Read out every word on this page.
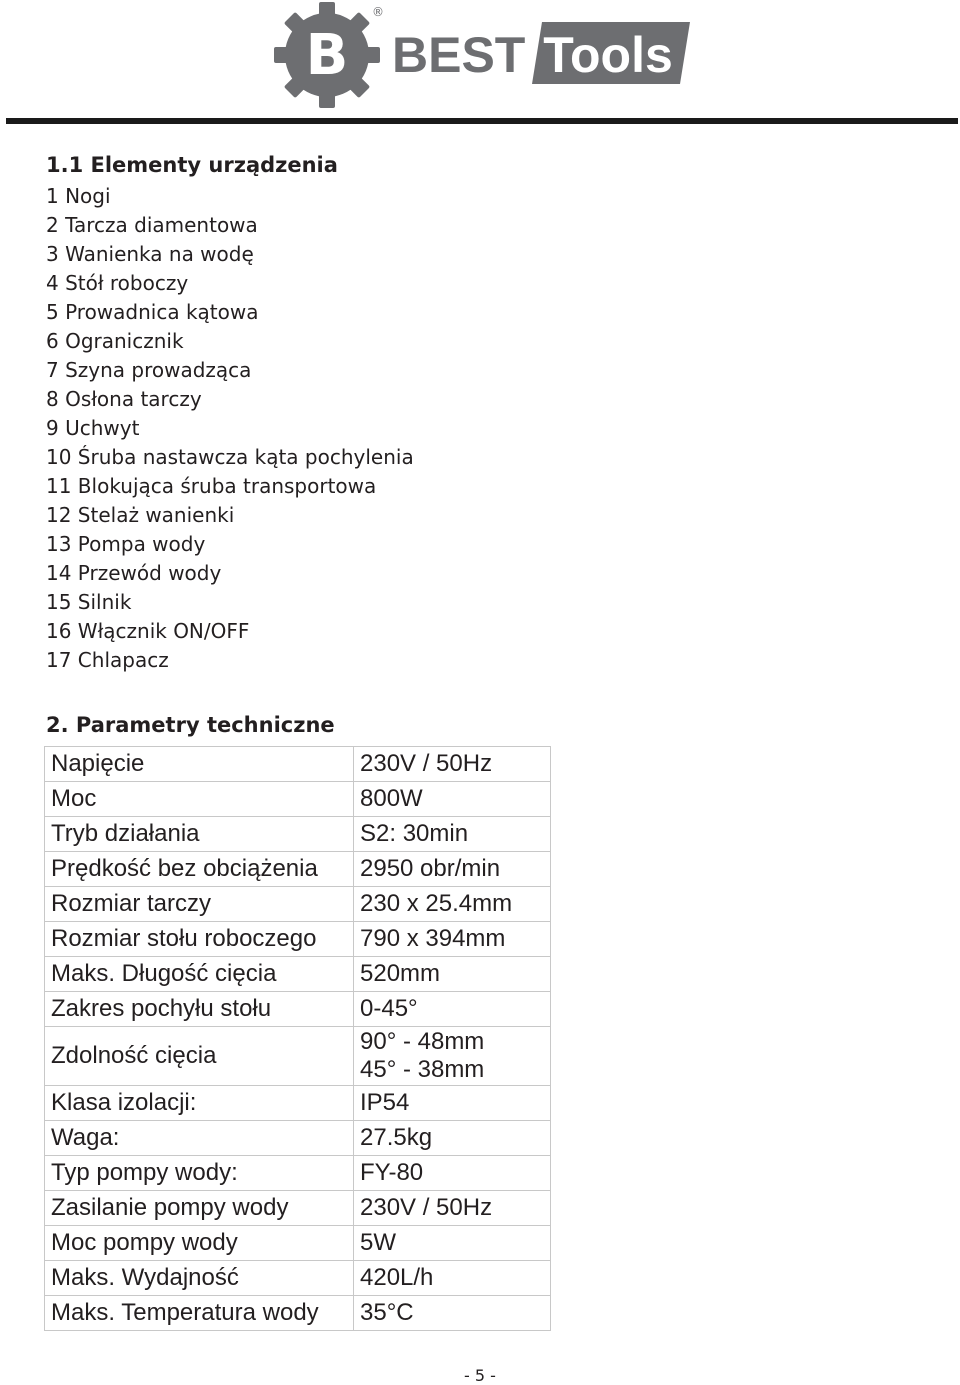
B BEST Tools
®
1.1 Elementy urządzenia
1 Nogi
2 Tarcza diamentowa
3 Wanienka na wodę
4 Stół roboczy
5 Prowadnica kątowa
6 Ogranicznik
7 Szyna prowadząca
8 Osłona tarczy
9 Uchwyt
10 Śruba nastawcza kąta pochylenia
11 Blokująca śruba transportowa
12 Stelaż wanienki
13 Pompa wody
14 Przewód wody
15 Silnik
16 Włącznik ON/OFF
17 Chlapacz
2. Parametry techniczne
Napięcie	230V / 50Hz
Moc	800W
Tryb działania	S2: 30min
Prędkość bez obciążenia	2950 obr/min
Rozmiar tarczy	230 x 25.4mm
Rozmiar stołu roboczego	790 x 394mm
Maks. Długość cięcia	520mm
Zakres pochyłu stołu	0-45°
Zdolność cięcia	90° - 48mm
45° - 38mm

Klasa izolacji:	IP54
Waga:	27.5kg
Typ pompy wody:	FY-80
Zasilanie pompy wody	230V / 50Hz
Moc pompy wody	5W
Maks. Wydajność	420L/h
Maks. Temperatura wody	35°C
- 5 -
